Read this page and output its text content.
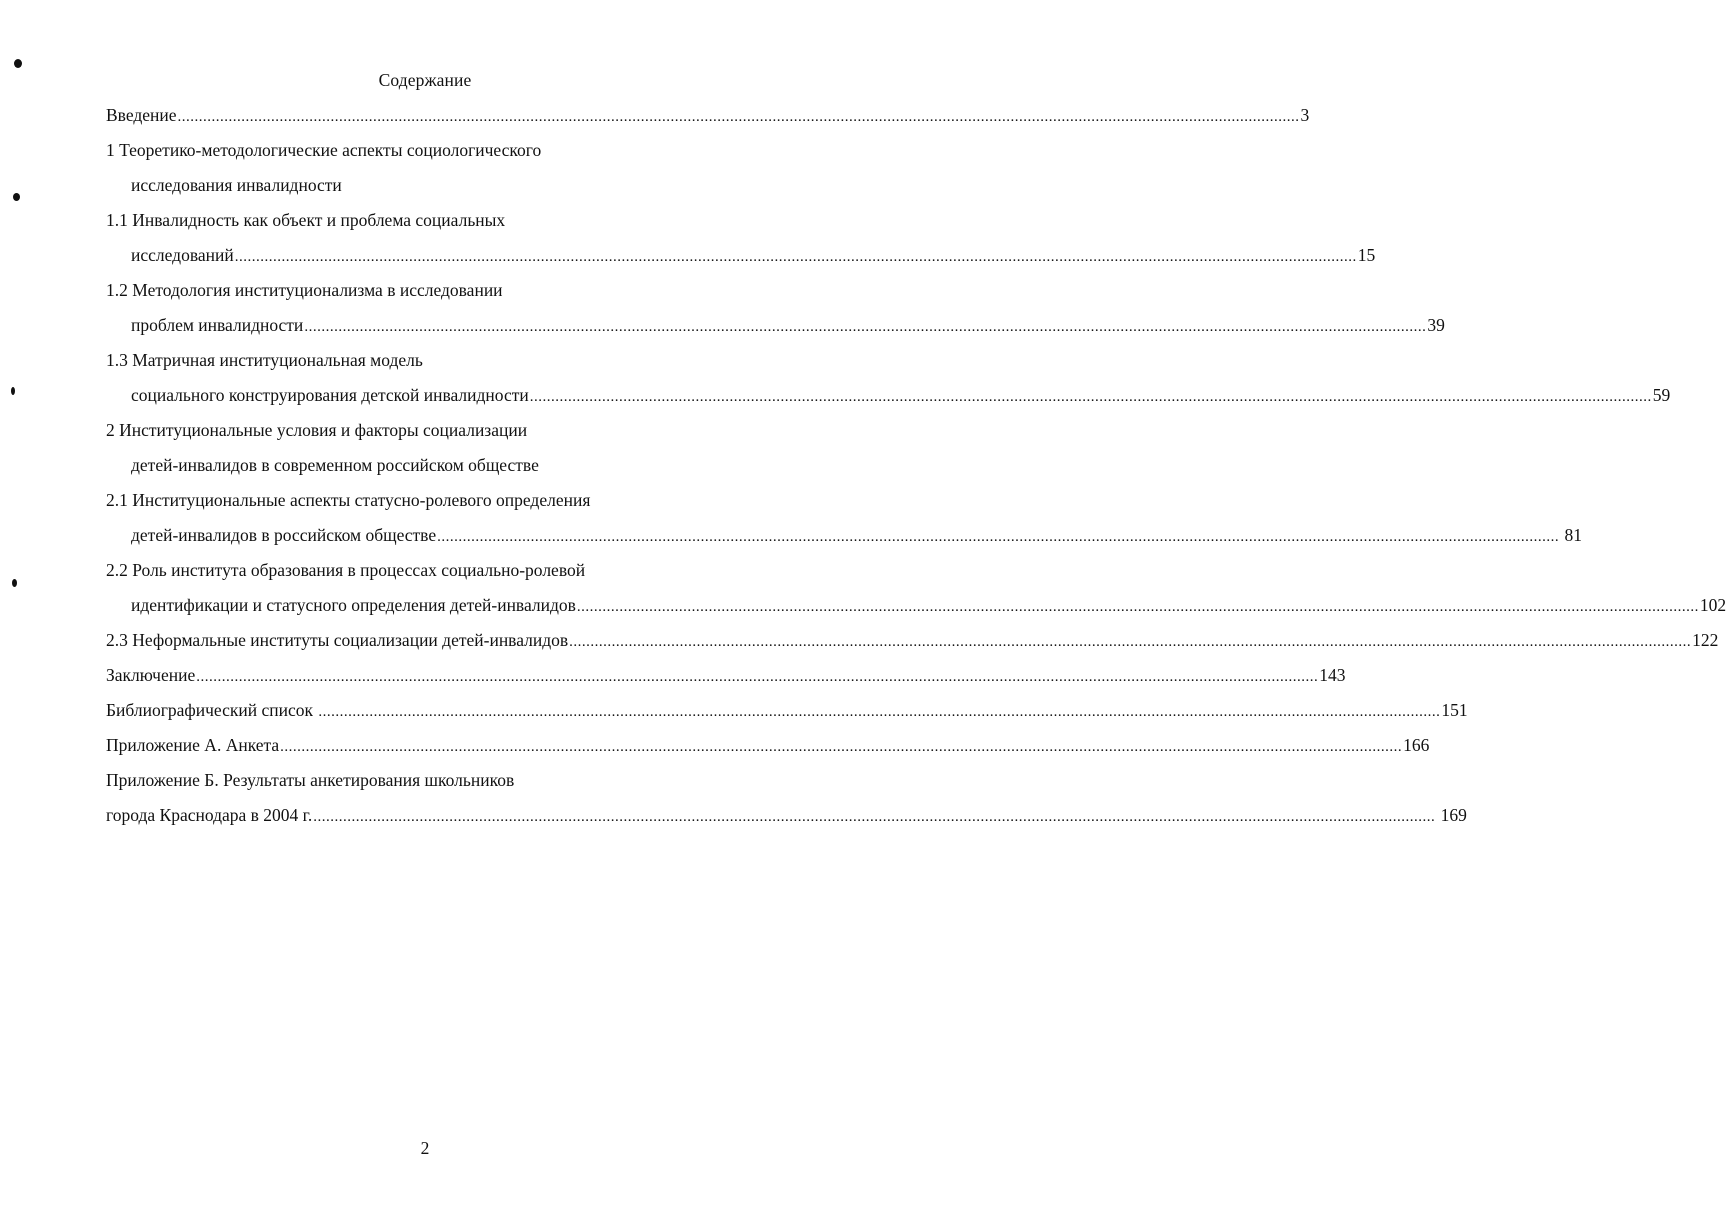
Содержание
Введение ........................................................................................................................................................................................................................................................................ 3
1 Теоретико-методологические аспекты социологического
исследования инвалидности
1.1 Инвалидность как объект и проблема социальных
исследований ........................................................................................................................................................................................................................................................................ 15
1.2 Методология институционализма в исследовании
проблем инвалидности ........................................................................................................................................................................................................................................................................ 39
1.3 Матричная институциональная модель
социального конструирования детской инвалидности ........................................................................................................................................................................................................................................................................ 59
2 Институциональные условия и факторы социализации
детей-инвалидов в современном российском обществе
2.1 Институциональные аспекты статусно-ролевого определения
детей-инвалидов в российском обществе ........................................................................................................................................................................................................................................................................ 81
2.2 Роль института образования в процессах социально-ролевой
идентификации и статусного определения детей-инвалидов ........................................................................................................................................................................................................................................................................ 102
2.3 Неформальные институты социализации детей-инвалидов ........................................................................................................................................................................................................................................................................ 122
Заключение ........................................................................................................................................................................................................................................................................ 143
Библиографический список ........................................................................................................................................................................................................................................................................ 151
Приложение А. Анкета ........................................................................................................................................................................................................................................................................ 166
Приложение Б. Результаты анкетирования школьников
города Краснодара в 2004 г. ........................................................................................................................................................................................................................................................................ 169
2
